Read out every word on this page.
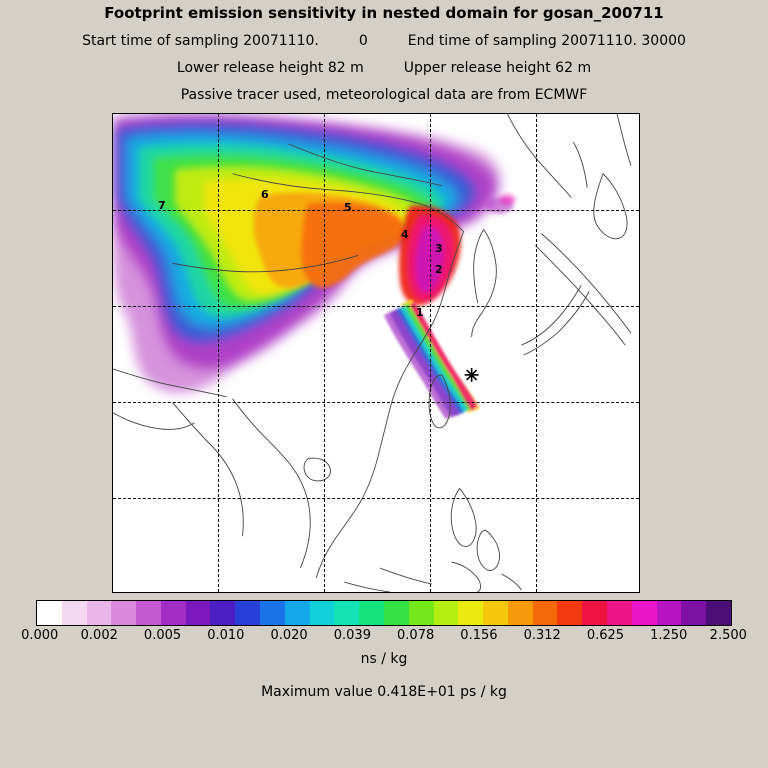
Footprint emission sensitivity in nested domain for gosan_200711
Start time of sampling 20071110.	0	End time of sampling 20071110. 30000
Lower release height 82 m	Upper release height 62 m
Passive tracer used, meteorological data are from ECMWF
1
2
3
4
5
6
7
0.000 0.002 0.005 0.010 0.020 0.039 0.078 0.156 0.312 0.625 1.250 2.500
ns / kg
Maximum value 0.418E+01 ps / kg
